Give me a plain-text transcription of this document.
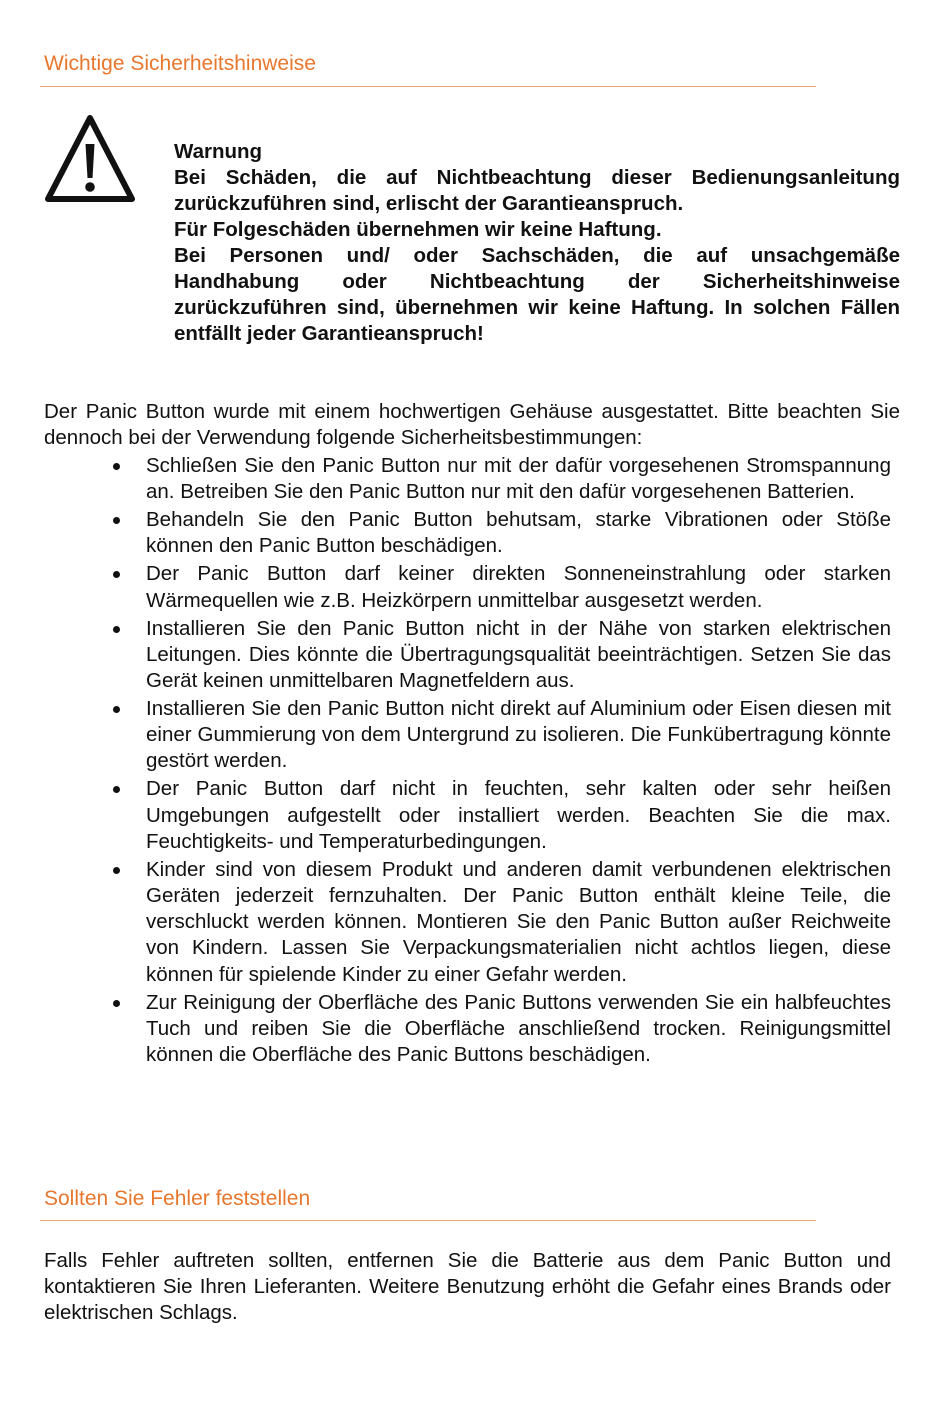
Wichtige Sicherheitshinweise

Warnung

Bei Schäden, die auf Nichtbeachtung dieser Bedienungsanleitung zurückzuführen sind, erlischt der Garantieanspruch.

Für Folgeschäden übernehmen wir keine Haftung.

Bei Personen und/ oder Sachschäden, die auf unsachgemäße Handhabung oder Nichtbeachtung der Sicherheitshinweise zurückzuführen sind, übernehmen wir keine Haftung. In solchen Fällen entfällt jeder Garantieanspruch!

Der Panic Button wurde mit einem hochwertigen Gehäuse ausgestattet. Bitte beachten Sie dennoch bei der Verwendung folgende Sicherheitsbestimmungen:

Schließen Sie den Panic Button nur mit der dafür vorgesehenen Stromspannung an. Betreiben Sie den Panic Button nur mit den dafür vorgesehenen Batterien.
Behandeln Sie den Panic Button behutsam, starke Vibrationen oder Stöße können den Panic Button beschädigen.
Der Panic Button darf keiner direkten Sonneneinstrahlung oder starken Wärmequellen wie z.B. Heizkörpern unmittelbar ausgesetzt werden.
Installieren Sie den Panic Button nicht in der Nähe von starken elektrischen Leitungen. Dies könnte die Übertragungsqualität beeinträchtigen. Setzen Sie das Gerät keinen unmittelbaren Magnetfeldern aus.
Installieren Sie den Panic Button nicht direkt auf Aluminium oder Eisen diesen mit einer Gummierung von dem Untergrund zu isolieren. Die Funkübertragung könnte gestört werden.
Der Panic Button darf nicht in feuchten, sehr kalten oder sehr heißen Umgebungen aufgestellt oder installiert werden. Beachten Sie die max. Feuchtigkeits- und Temperaturbedingungen.
Kinder sind von diesem Produkt und anderen damit verbundenen elektrischen Geräten jederzeit fernzuhalten. Der Panic Button enthält kleine Teile, die verschluckt werden können. Montieren Sie den Panic Button außer Reichweite von Kindern. Lassen Sie Verpackungsmaterialien nicht achtlos liegen, diese können für spielende Kinder zu einer Gefahr werden.
Zur Reinigung der Oberfläche des Panic Buttons verwenden Sie ein halbfeuchtes Tuch und reiben Sie die Oberfläche anschließend trocken. Reinigungsmittel können die Oberfläche des Panic Buttons beschädigen.
Sollten Sie Fehler feststellen

Falls Fehler auftreten sollten, entfernen Sie die Batterie aus dem Panic Button und kontaktieren Sie Ihren Lieferanten. Weitere Benutzung erhöht die Gefahr eines Brands oder elektrischen Schlags.
